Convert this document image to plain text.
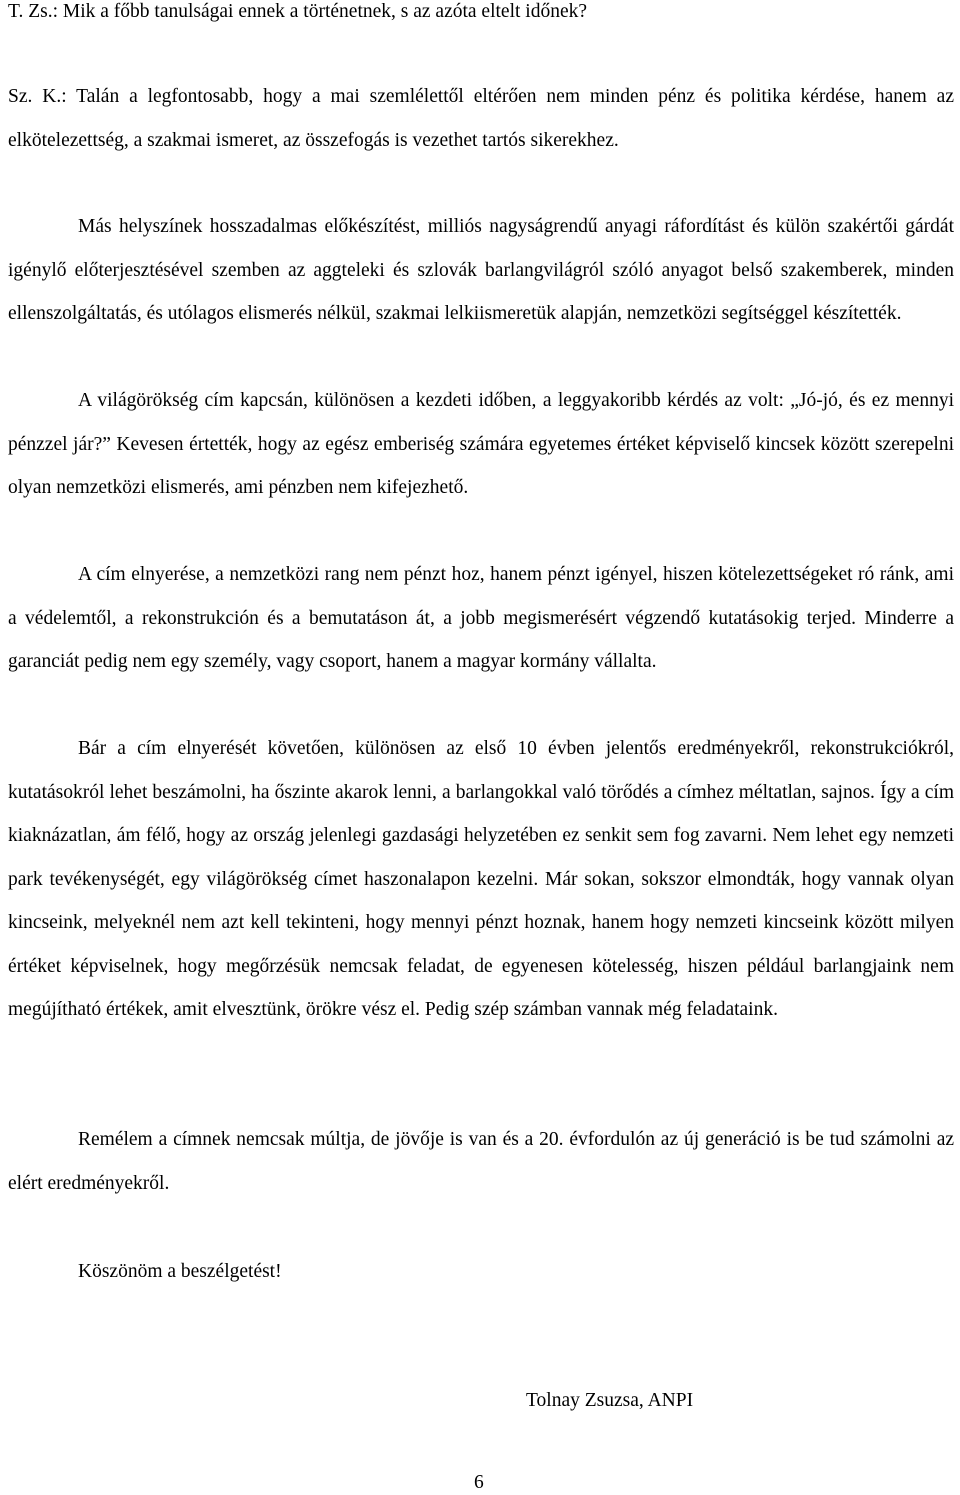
T. Zs.: Mik a főbb tanulságai ennek a történetnek, s az azóta eltelt időnek?

Sz. K.: Talán a legfontosabb, hogy a mai szemlélettől eltérően nem minden pénz és politika kérdése, hanem az elkötelezettség, a szakmai ismeret, az összefogás is vezethet tartós sikerekhez.

Más helyszínek hosszadalmas előkészítést, milliós nagyságrendű anyagi ráfordítást és külön szakértői gárdát igénylő előterjesztésével szemben az aggteleki és szlovák barlangvilágról szóló anyagot belső szakemberek, minden ellenszolgáltatás, és utólagos elismerés nélkül, szakmai lelkiismeretük alapján, nemzetközi segítséggel készítették.

A világörökség cím kapcsán, különösen a kezdeti időben, a leggyakoribb kérdés az volt: „Jó-jó, és ez mennyi pénzzel jár?” Kevesen értették, hogy az egész emberiség számára egyetemes értéket képviselő kincsek között szerepelni olyan nemzetközi elismerés, ami pénzben nem kifejezhető.

A cím elnyerése, a nemzetközi rang nem pénzt hoz, hanem pénzt igényel, hiszen kötelezettségeket ró ránk, ami a védelemtől, a rekonstrukción és a bemutatáson át, a jobb megismerésért végzendő kutatásokig terjed. Minderre a garanciát pedig nem egy személy, vagy csoport, hanem a magyar kormány vállalta.

Bár a cím elnyerését követően, különösen az első 10 évben jelentős eredményekről, rekonstrukciókról, kutatásokról lehet beszámolni, ha őszinte akarok lenni, a barlangokkal való törődés a címhez méltatlan, sajnos. Így a cím kiaknázatlan, ám félő, hogy az ország jelenlegi gazdasági helyzetében ez senkit sem fog zavarni. Nem lehet egy nemzeti park tevékenységét, egy világörökség címet haszonalapon kezelni. Már sokan, sokszor elmondták, hogy vannak olyan kincseink, melyeknél nem azt kell tekinteni, hogy mennyi pénzt hoznak, hanem hogy nemzeti kincseink között milyen értéket képviselnek, hogy megőrzésük nemcsak feladat, de egyenesen kötelesség, hiszen például barlangjaink nem megújítható értékek, amit elvesztünk, örökre vész el. Pedig szép számban vannak még feladataink.

Remélem a címnek nemcsak múltja, de jövője is van és a 20. évfordulón az új generáció is be tud számolni az elért eredményekről.

Köszönöm a beszélgetést!
Tolnay Zsuzsa, ANPI
6
